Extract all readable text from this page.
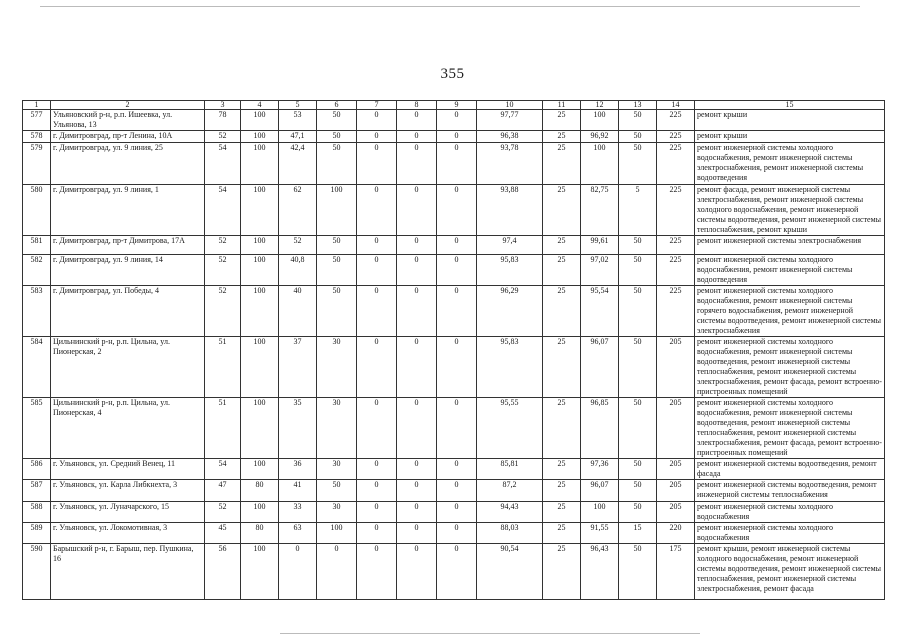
355
1	2	3	4	5	6	7	8	9	10	11	12	13	14	15
577	Ульяновский р-н, р.п. Ишеевка, ул. Ульянова, 13	78	100	53	50	0	0	0	97,77	25	100	50	225	ремонт крыши
578	г. Димитровград, пр-т Ленина, 10А	52	100	47,1	50	0	0	0	96,38	25	96,92	50	225	ремонт крыши
579	г. Димитровград, ул. 9 линия, 25	54	100	42,4	50	0	0	0	93,78	25	100	50	225	ремонт инженерной системы холодного водоснабжения, ремонт инженерной системы электроснабжения, ремонт инженерной системы водоотведения
580	г. Димитровград, ул. 9 линия, 1	54	100	62	100	0	0	0	93,88	25	82,75	5	225	ремонт фасада, ремонт инженерной системы электроснабжения, ремонт инженерной системы холодного водоснабжения, ремонт инженерной системы водоотведения, ремонт инженерной системы теплоснабжения, ремонт крыши
581	г. Димитровград, пр-т Димитрова, 17А	52	100	52	50	0	0	0	97,4	25	99,61	50	225	ремонт инженерной системы электроснабжения
582	г. Димитровград, ул. 9 линия, 14	52	100	40,8	50	0	0	0	95,83	25	97,02	50	225	ремонт инженерной системы холодного водоснабжения, ремонт инженерной системы водоотведения
583	г. Димитровград, ул. Победы, 4	52	100	40	50	0	0	0	96,29	25	95,54	50	225	ремонт инженерной системы холодного водоснабжения, ремонт инженерной системы горячего водоснабжения, ремонт инженерной системы водоотведения, ремонт инженерной системы электроснабжения
584	Цильнинский р-н, р.п. Цильна, ул. Пионерская, 2	51	100	37	30	0	0	0	95,83	25	96,07	50	205	ремонт инженерной системы холодного водоснабжения, ремонт инженерной системы водоотведения, ремонт инженерной системы теплоснабжения, ремонт инженерной системы электроснабжения, ремонт фасада, ремонт встроенно-пристроенных помещений
585	Цильнинский р-н, р.п. Цильна, ул. Пионерская, 4	51	100	35	30	0	0	0	95,55	25	96,85	50	205	ремонт инженерной системы холодного водоснабжения, ремонт инженерной системы водоотведения, ремонт инженерной системы теплоснабжения, ремонт инженерной системы электроснабжения, ремонт фасада, ремонт встроенно-пристроенных помещений
586	г. Ульяновск, ул. Средний Венец, 11	54	100	36	30	0	0	0	85,81	25	97,36	50	205	ремонт инженерной системы водоотведения, ремонт фасада
587	г. Ульяновск, ул. Карла Либкнехта, 3	47	80	41	50	0	0	0	87,2	25	96,07	50	205	ремонт инженерной системы водоотведения, ремонт инженерной системы теплоснабжения
588	г. Ульяновск, ул. Луначарского, 15	52	100	33	30	0	0	0	94,43	25	100	50	205	ремонт инженерной системы холодного водоснабжения
589	г. Ульяновск, ул. Локомотивная, 3	45	80	63	100	0	0	0	88,03	25	91,55	15	220	ремонт инженерной системы холодного водоснабжения
590	Барышский р-н, г. Барыш, пер. Пушкина, 16	56	100	0	0	0	0	0	90,54	25	96,43	50	175	ремонт крыши, ремонт инженерной системы холодного водоснабжения, ремонт инженерной системы водоотведения, ремонт инженерной системы теплоснабжения, ремонт инженерной системы электроснабжения, ремонт фасада
